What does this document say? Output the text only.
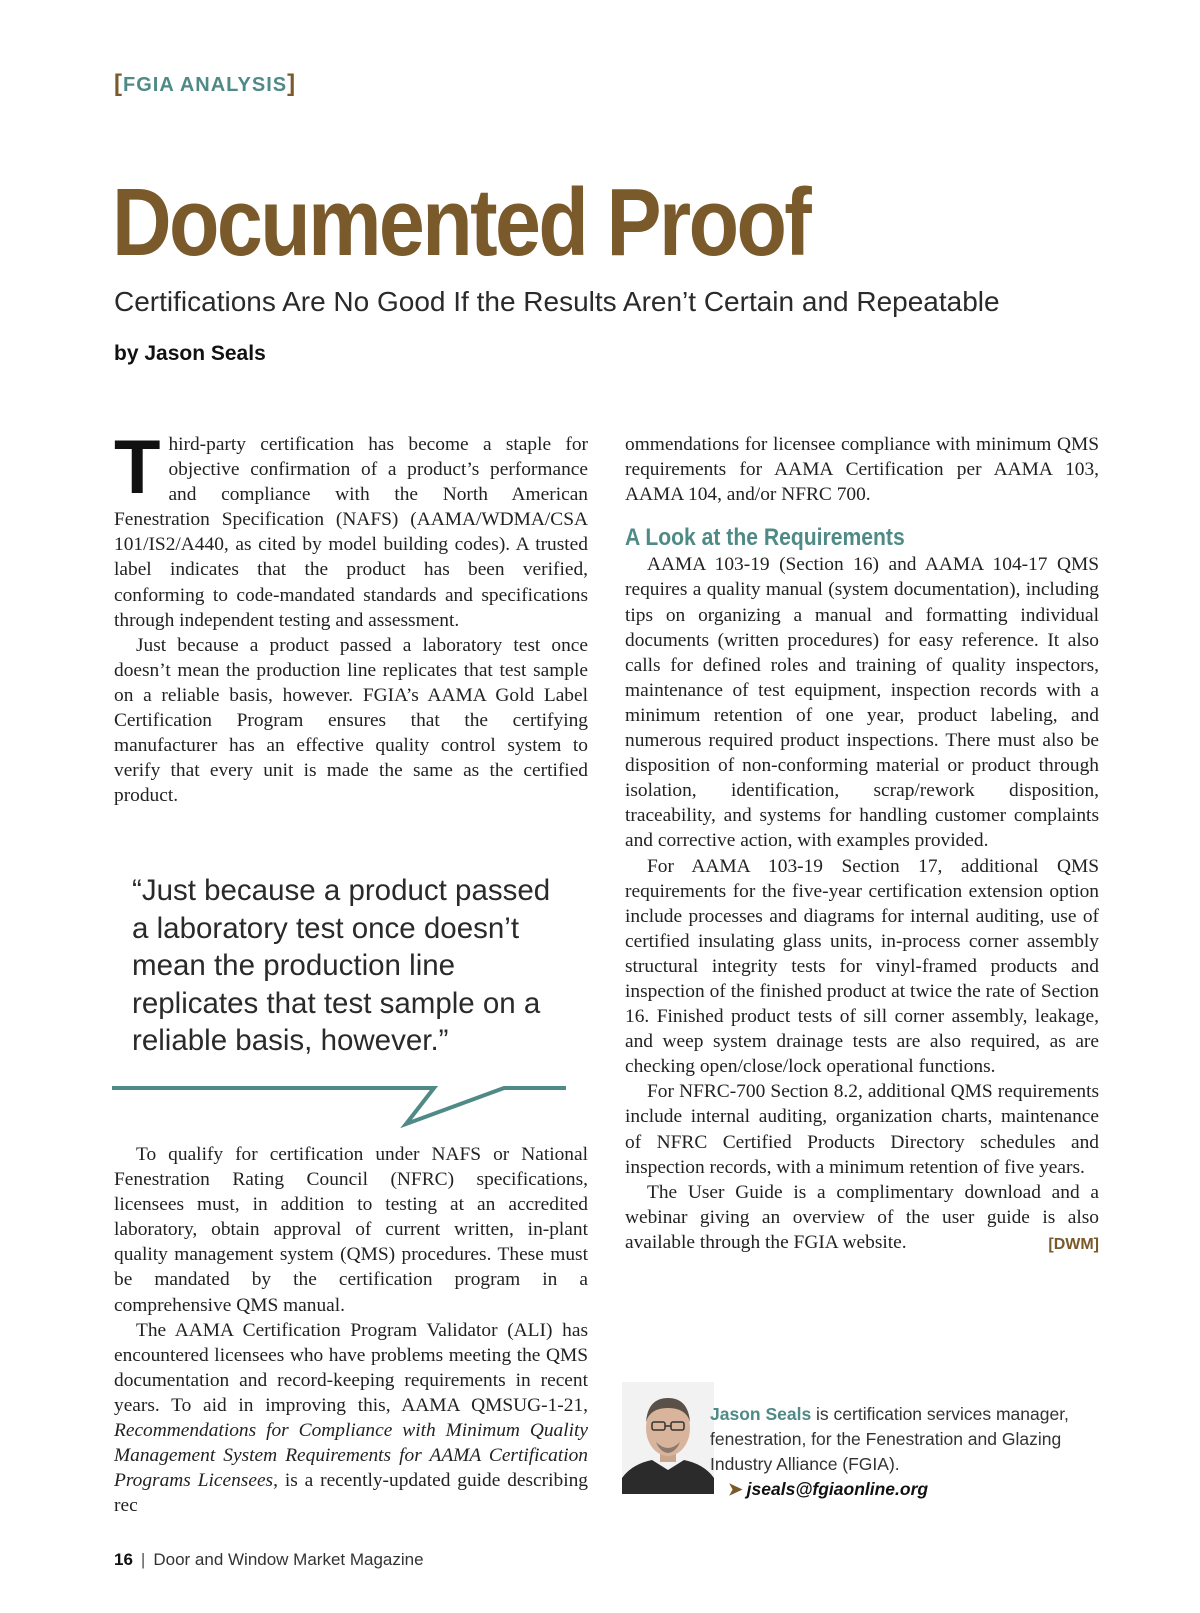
[FGIA ANALYSIS]
Documented Proof
Certifications Are No Good If the Results Aren’t Certain and Repeatable
by Jason Seals

Third-party certification has become a staple for objective confirmation of a product’s performance and compliance with the North American Fenestration Specification (NAFS) (AAMA/WDMA/CSA 101/IS2/A440, as cited by model building codes). A trusted label indicates that the product has been verified, conforming to code-mandated standards and specifications through independent testing and assessment.

Just because a product passed a laboratory test once doesn’t mean the production line replicates that test sample on a reliable basis, however. FGIA’s AAMA Gold Label Certification Program ensures that the certifying manufacturer has an effective quality control system to verify that every unit is made the same as the certified product.

“Just because a product passed a laboratory test once doesn’t mean the production line replicates that test sample on a reliable basis, however.”

To qualify for certification under NAFS or National Fenestration Rating Council (NFRC) specifications, licensees must, in addition to testing at an accredited laboratory, obtain approval of current written, in-plant quality management system (QMS) procedures. These must be mandated by the certification program in a comprehensive QMS manual.

The AAMA Certification Program Validator (ALI) has encountered licensees who have problems meeting the QMS documentation and record-keeping requirements in recent years. To aid in improving this, AAMA QMSUG-1-21, Recommendations for Compliance with Minimum Quality Management System Requirements for AAMA Certification Programs Licensees, is a recently-updated guide describing rec

ommendations for licensee compliance with minimum QMS requirements for AAMA Certification per AAMA 103, AAMA 104, and/or NFRC 700.

A Look at the Requirements

AAMA 103-19 (Section 16) and AAMA 104-17 QMS requires a quality manual (system documentation), including tips on organizing a manual and formatting individual documents (written procedures) for easy reference. It also calls for defined roles and training of quality inspectors, maintenance of test equipment, inspection records with a minimum retention of one year, product labeling, and numerous required product inspections. There must also be disposition of non-conforming material or product through isolation, identification, scrap/rework disposition, traceability, and systems for handling customer complaints and corrective action, with examples provided.

For AAMA 103-19 Section 17, additional QMS requirements for the five-year certification extension option include processes and diagrams for internal auditing, use of certified insulating glass units, in-process corner assembly structural integrity tests for vinyl-framed products and inspection of the finished product at twice the rate of Section 16. Finished product tests of sill corner assembly, leakage, and weep system drainage tests are also required, as are checking open/close/lock operational functions.

For NFRC-700 Section 8.2, additional QMS requirements include internal auditing, organization charts, maintenance of NFRC Certified Products Directory schedules and inspection records, with a minimum retention of five years.

The User Guide is a complimentary download and a webinar giving an overview of the user guide is also available through the FGIA website.	[DWM]

Jason Seals is certification services manager, fenestration, for the Fenestration and Glazing Industry Alliance (FGIA).
➤ jseals@fgiaonline.org
16 | Door and Window Market Magazine
